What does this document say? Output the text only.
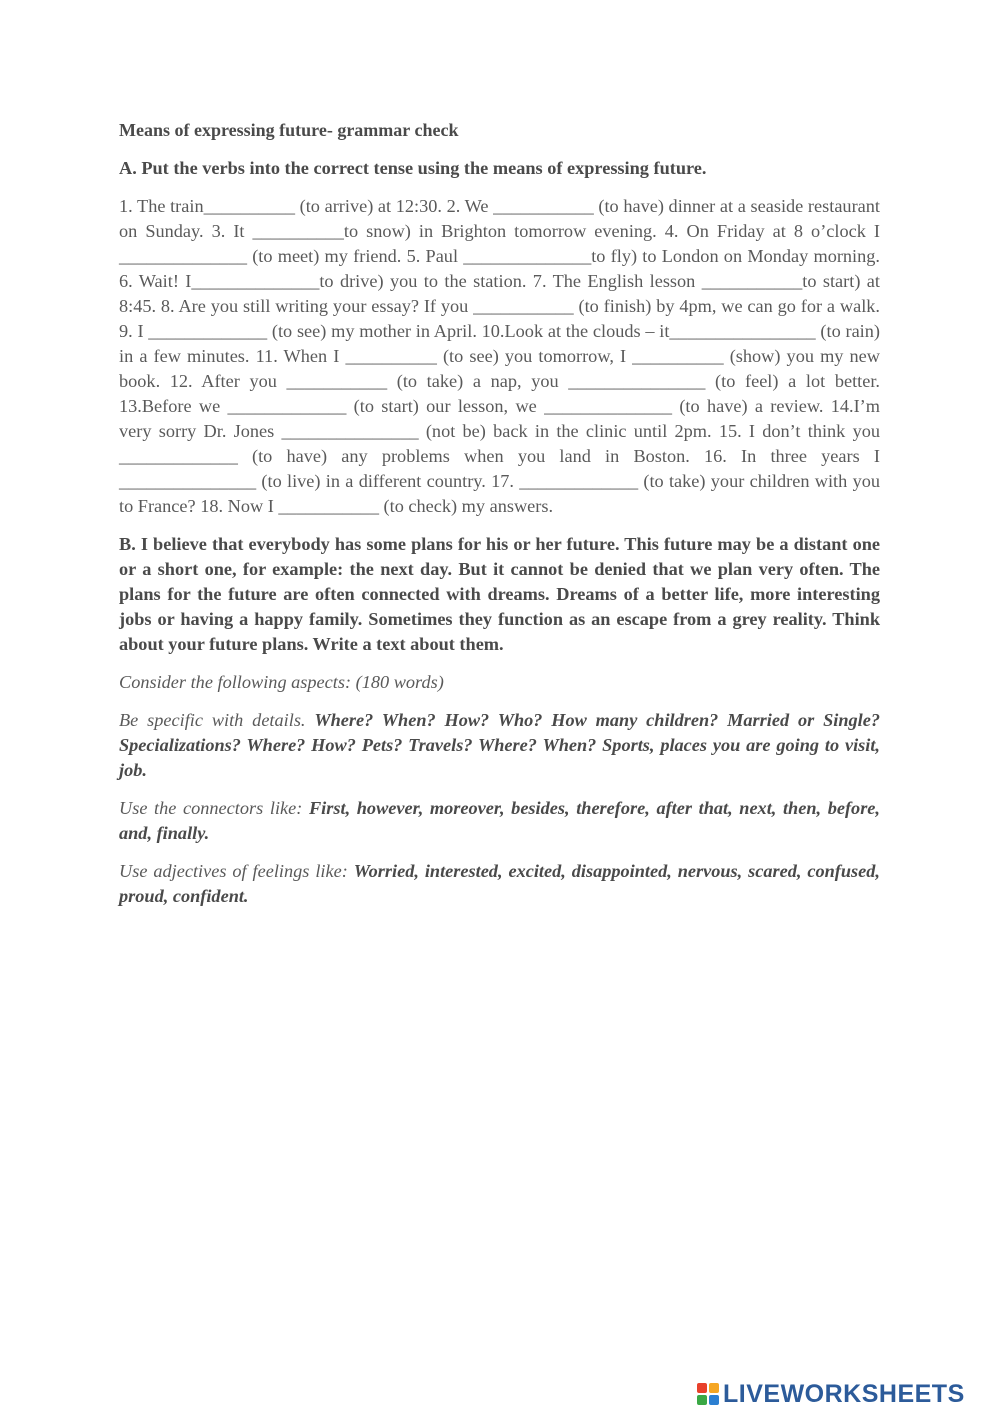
Means of expressing future- grammar check

A. Put the verbs into the correct tense using the means of expressing future.

1. The train__________ (to arrive) at 12:30. 2. We ___________ (to have) dinner at a seaside restaurant on Sunday. 3. It __________to snow) in Brighton tomorrow evening. 4. On Friday at 8 o’clock I ______________ (to meet) my friend. 5. Paul ______________to fly) to London on Monday morning. 6. Wait! I______________to drive) you to the station. 7. The English lesson ___________to start) at 8:45. 8. Are you still writing your essay? If you ___________ (to finish) by 4pm, we can go for a walk. 9. I _____________ (to see) my mother in April. 10.Look at the clouds – it________________ (to rain) in a few minutes. 11. When I __________ (to see) you tomorrow, I __________ (show) you my new book. 12. After you ___________ (to take) a nap, you _______________ (to feel) a lot better. 13.Before we _____________ (to start) our lesson, we ______________ (to have) a review. 14.I’m very sorry Dr. Jones _______________ (not be) back in the clinic until 2pm. 15. I don’t think you _____________ (to have) any problems when you land in Boston. 16. In three years I _______________ (to live) in a different country. 17. _____________ (to take) your children with you to France? 18. Now I ___________ (to check) my answers.

B. I believe that everybody has some plans for his or her future. This future may be a distant one or a short one, for example: the next day. But it cannot be denied that we plan very often. The plans for the future are often connected with dreams. Dreams of a better life, more interesting jobs or having a happy family. Sometimes they function as an escape from a grey reality. Think about your future plans. Write a text about them.

Consider the following aspects: (180 words)

Be specific with details. Where? When? How? Who? How many children? Married or Single? Specializations? Where? How? Pets? Travels? Where? When? Sports, places you are going to visit, job.

Use the connectors like: First, however, moreover, besides, therefore, after that, next, then, before, and, finally.

Use adjectives of feelings like: Worried, interested, excited, disappointed, nervous, scared, confused, proud, confident.

LIVEWORKSHEETS
